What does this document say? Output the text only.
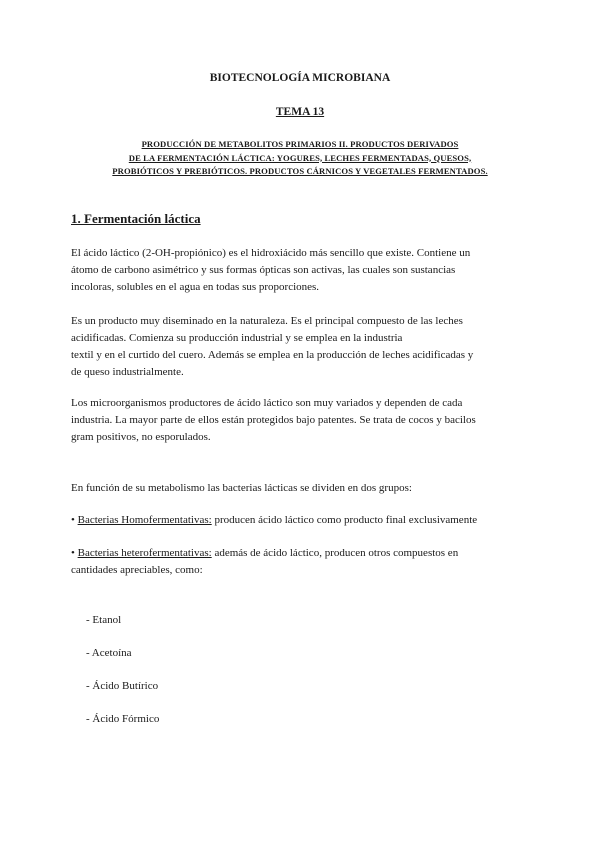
BIOTECNOLOGÍA MICROBIANA
TEMA 13

PRODUCCIÓN DE METABOLITOS PRIMARIOS II. PRODUCTOS DERIVADOS
DE LA FERMENTACIÓN LÁCTICA: YOGURES, LECHES FERMENTADAS, QUESOS,
PROBIÓTICOS Y PREBIÓTICOS. PRODUCTOS CÁRNICOS Y VEGETALES FERMENTADOS.

1. Fermentación láctica

El ácido láctico (2-OH-propiónico) es el hidroxiácido más sencillo que existe. Contiene un
átomo de carbono asimétrico y sus formas ópticas son activas, las cuales son sustancias
incoloras, solubles en el agua en todas sus proporciones.

Es un producto muy diseminado en la naturaleza. Es el principal compuesto de las leches
acidificadas. Comienza su producción industrial y se emplea en la industria
textil y en el curtido del cuero. Además se emplea en la producción de leches acidificadas y
de queso industrialmente.

Los microorganismos productores de ácido láctico son muy variados y dependen de cada
industria. La mayor parte de ellos están protegidos bajo patentes. Se trata de cocos y bacilos
gram positivos, no esporulados.

En función de su metabolismo las bacterias lácticas se dividen en dos grupos:

• Bacterias Homofermentativas: producen ácido láctico como producto final exclusivamente

• Bacterias heterofermentativas: además de ácido láctico, producen otros compuestos en
cantidades apreciables, como:

- Etanol
- Acetoína
- Ácido Butírico
- Ácido Fórmico
